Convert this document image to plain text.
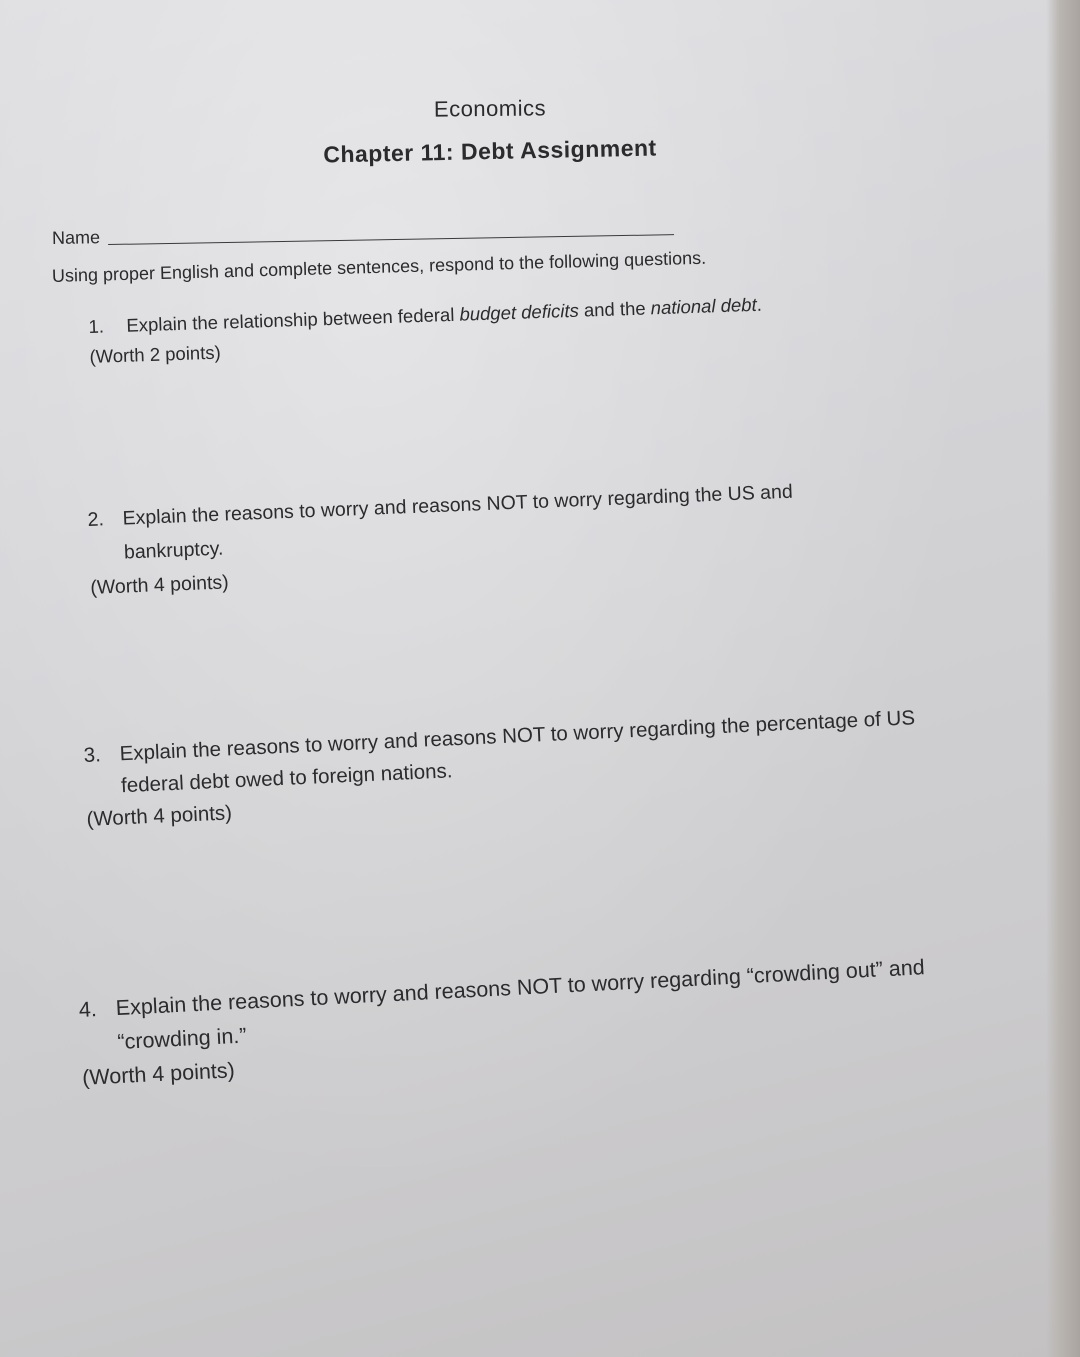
Economics
Chapter 11: Debt Assignment
Name
Using proper English and complete sentences, respond to the following questions.
1.	Explain the relationship between federal budget deficits and the national debt.
(Worth 2 points)
2. Explain the reasons to worry and reasons NOT to worry regarding the US and
bankruptcy.
(Worth 4 points)
3. Explain the reasons to worry and reasons NOT to worry regarding the percentage of US
federal debt owed to foreign nations.
(Worth 4 points)
4. Explain the reasons to worry and reasons NOT to worry regarding “crowding out” and
“crowding in.”
(Worth 4 points)
